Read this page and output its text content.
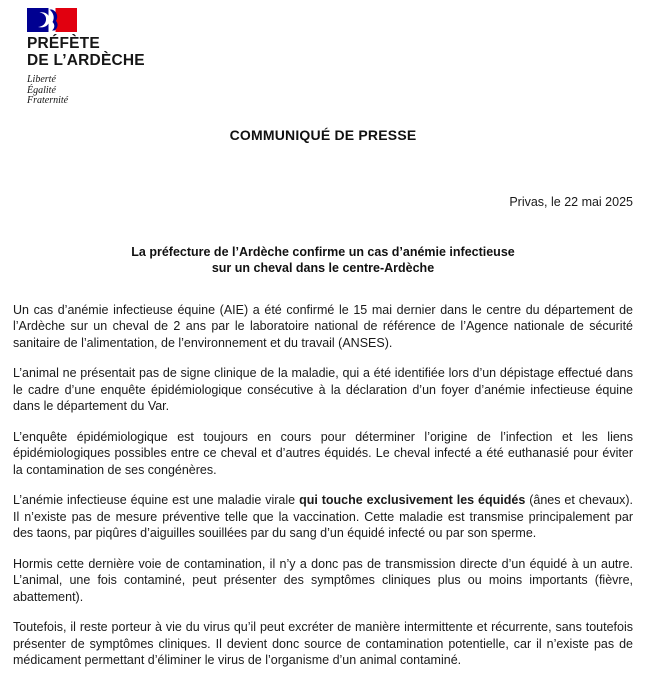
PRÉFÈTE
DE L’ARDÈCHE
Liberté
Égalité
Fraternité
COMMUNIQUÉ DE PRESSE
Privas, le 22 mai 2025
La préfecture de l’Ardèche confirme un cas d’anémie infectieuse
sur un cheval dans le centre-Ardèche

Un cas d’anémie infectieuse équine (AIE) a été confirmé le 15 mai dernier dans le centre du département de l’Ardèche sur un cheval de 2 ans par le laboratoire national de référence de l’Agence nationale de sécurité sanitaire de l’alimentation, de l’environnement et du travail (ANSES).

L’animal ne présentait pas de signe clinique de la maladie, qui a été identifiée lors d’un dépistage effectué dans le cadre d’une enquête épidémiologique consécutive à la déclaration d’un foyer d’anémie infectieuse équine dans le département du Var.

L’enquête épidémiologique est toujours en cours pour déterminer l’origine de l’infection et les liens épidémiologiques possibles entre ce cheval et d’autres équidés. Le cheval infecté a été euthanasié pour éviter la contamination de ses congénères.

L’anémie infectieuse équine est une maladie virale qui touche exclusivement les équidés (ânes et chevaux). Il n’existe pas de mesure préventive telle que la vaccination. Cette maladie est transmise principalement par des taons, par piqûres d’aiguilles souillées par du sang d’un équidé infecté ou par son sperme.

Hormis cette dernière voie de contamination, il n’y a donc pas de transmission directe d’un équidé à un autre. L’animal, une fois contaminé, peut présenter des symptômes cliniques plus ou moins importants (fièvre, abattement).

Toutefois, il reste porteur à vie du virus qu’il peut excréter de manière intermittente et récurrente, sans toutefois présenter de symptômes cliniques. Il devient donc source de contamination potentielle, car il n’existe pas de médicament permettant d’éliminer le virus de l’organisme d’un animal contaminé.
